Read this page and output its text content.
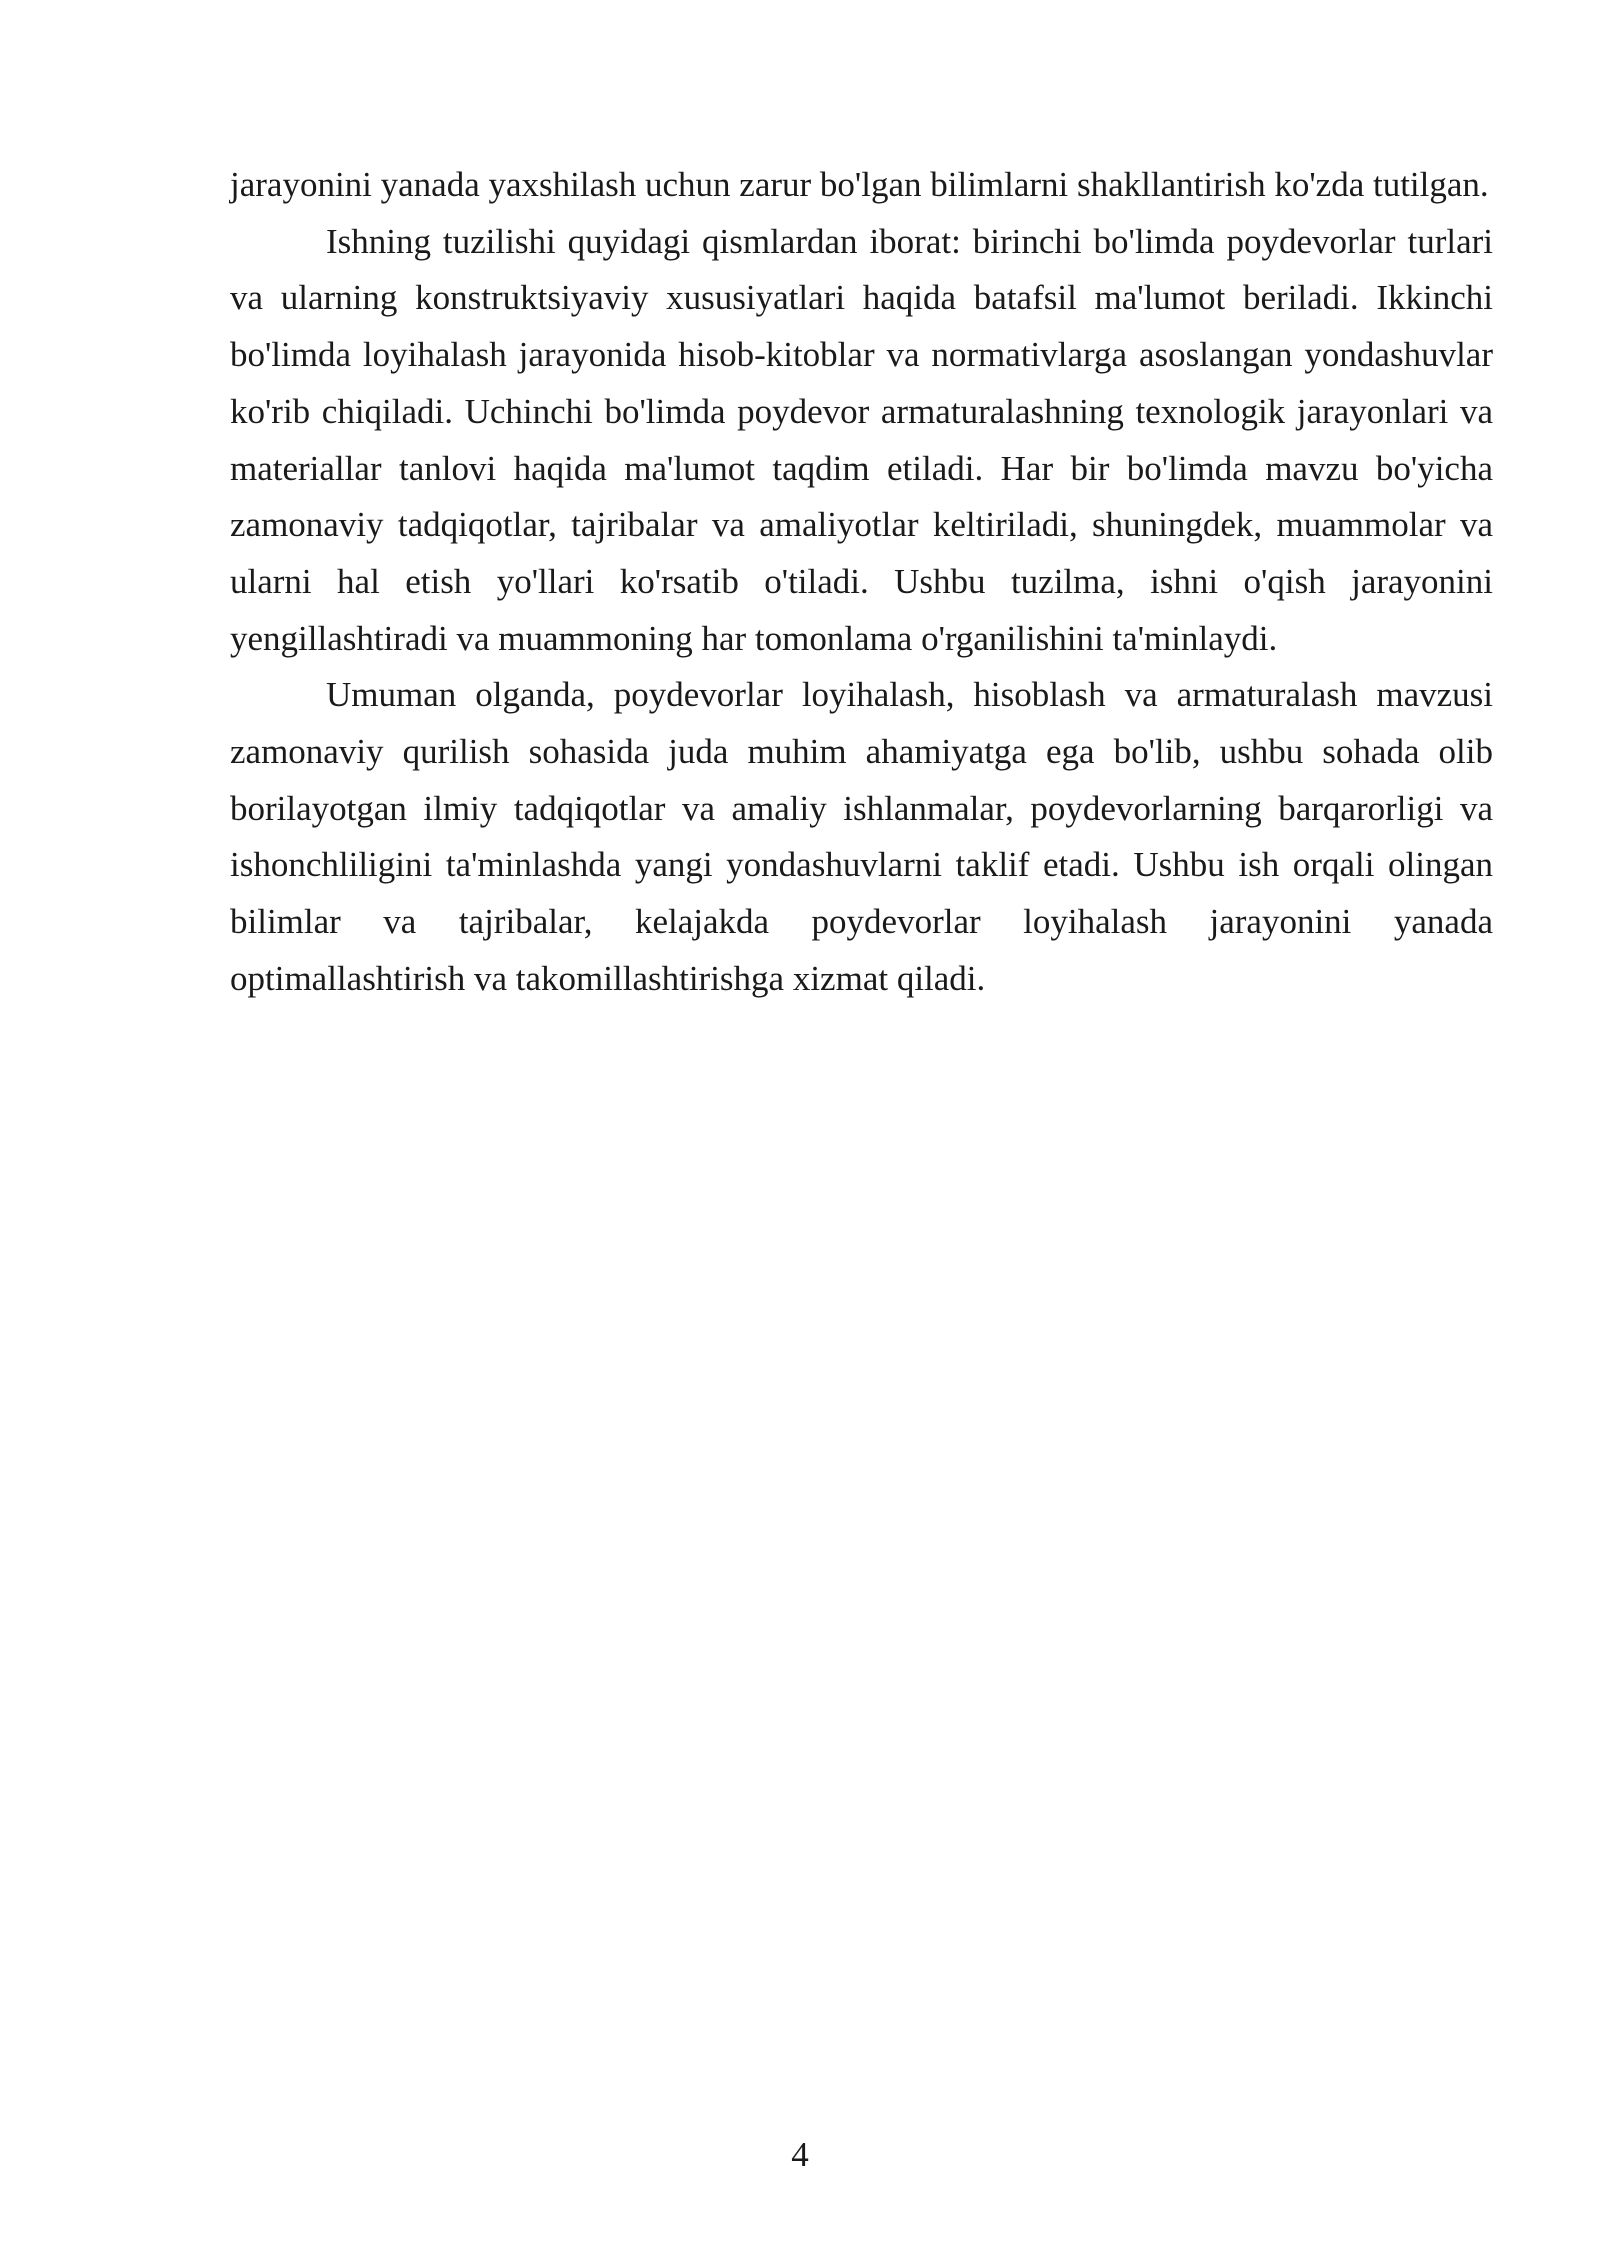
jarayonini yanada yaxshilash uchun zarur bo'lgan bilimlarni shakllantirish ko'zda tutilgan.

Ishning tuzilishi quyidagi qismlardan iborat: birinchi bo'limda poydevorlar turlari va ularning konstruktsiyaviy xususiyatlari haqida batafsil ma'lumot beriladi. Ikkinchi bo'limda loyihalash jarayonida hisob-kitoblar va normativlarga asoslangan yondashuvlar ko'rib chiqiladi. Uchinchi bo'limda poydevor armaturalashning texnologik jarayonlari va materiallar tanlovi haqida ma'lumot taqdim etiladi. Har bir bo'limda mavzu bo'yicha zamonaviy tadqiqotlar, tajribalar va amaliyotlar keltiriladi, shuningdek, muammolar va ularni hal etish yo'llari ko'rsatib o'tiladi. Ushbu tuzilma, ishni o'qish jarayonini yengillashtiradi va muammoning har tomonlama o'rganilishini ta'minlaydi.

Umuman olganda, poydevorlar loyihalash, hisoblash va armaturalash mavzusi zamonaviy qurilish sohasida juda muhim ahamiyatga ega bo'lib, ushbu sohada olib borilayotgan ilmiy tadqiqotlar va amaliy ishlanmalar, poydevorlarning barqarorligi va ishonchliligini ta'minlashda yangi yondashuvlarni taklif etadi. Ushbu ish orqali olingan bilimlar va tajribalar, kelajakda poydevorlar loyihalash jarayonini yanada optimallashtirish va takomillashtirishga xizmat qiladi.

4
